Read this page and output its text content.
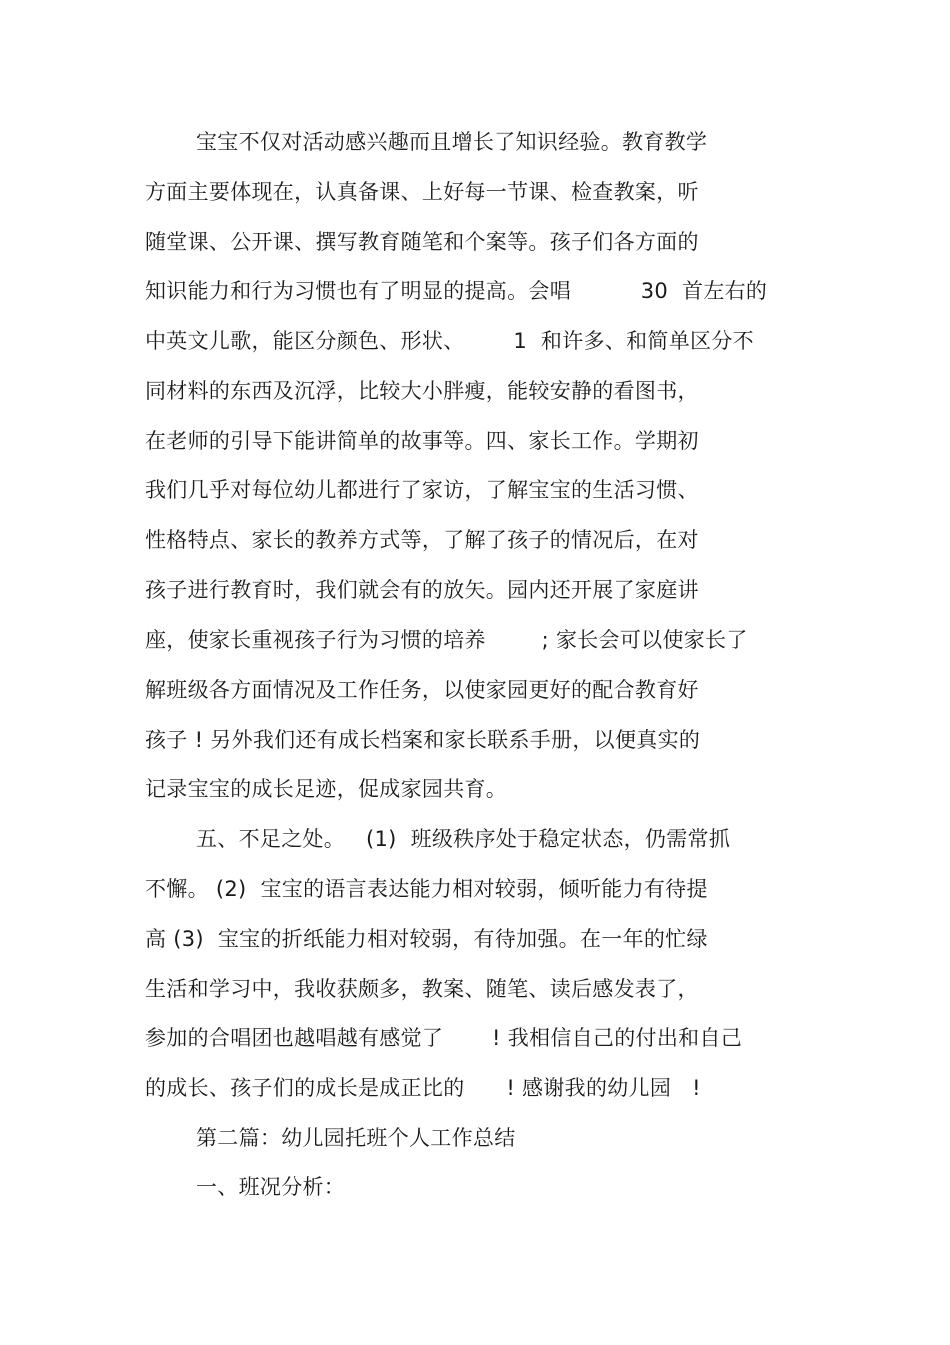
宝宝不仅对活动感兴趣而且增长了知识经验。教育教学
方面主要体现在，认真备课、上好每一节课、检查教案，听
随堂课、公开课、撰写教育随笔和个案等。孩子们各方面的
知识能力和行为习惯也有了明显的提高。会唱          30  首左右的
中英文儿歌，能区分颜色、形状、       1  和许多、和简单区分不
同材料的东西及沉浮，比较大小胖瘦，能较安静的看图书，
在老师的引导下能讲简单的故事等。四、家长工作。学期初
我们几乎对每位幼儿都进行了家访，了解宝宝的生活习惯、
性格特点、家长的教养方式等，了解了孩子的情况后，在对
孩子进行教育时，我们就会有的放矢。园内还开展了家庭讲
座，使家长重视孩子行为习惯的培养        ; 家长会可以使家长了
解班级各方面情况及工作任务，以使家园更好的配合教育好
孩子 ! 另外我们还有成长档案和家长联系手册，以便真实的
记录宝宝的成长足迹，促成家园共育。
五、不足之处。   (1)  班级秩序处于稳定状态，仍需常抓
不懈。 (2)  宝宝的语言表达能力相对较弱，倾听能力有待提
高 (3)  宝宝的折纸能力相对较弱，有待加强。在一年的忙绿
生活和学习中，我收获颇多，教案、随笔、读后感发表了，
参加的合唱团也越唱越有感觉了       ! 我相信自己的付出和自己
的成长、孩子们的成长是成正比的      ! 感谢我的幼儿园   !
第二篇：幼儿园托班个人工作总结
一、班况分析：
